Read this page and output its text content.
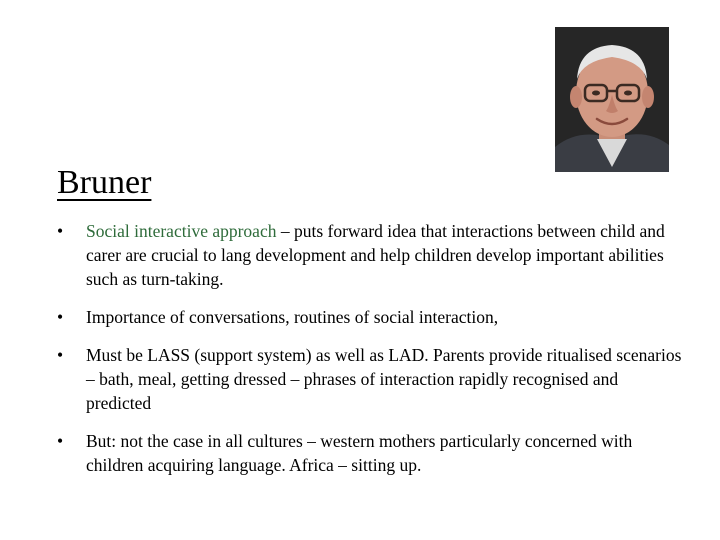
Bruner
• Social interactive approach – puts forward idea that interactions between child and carer are crucial to lang development and help children develop important abilities such as turn-taking.
• Importance of conversations, routines of social interaction,
• Must be LASS (support system) as well as LAD. Parents provide ritualised scenarios – bath, meal, getting dressed – phrases of interaction rapidly recognised and predicted
• But: not the case in all cultures – western mothers particularly concerned with children acquiring language. Africa – sitting up.
